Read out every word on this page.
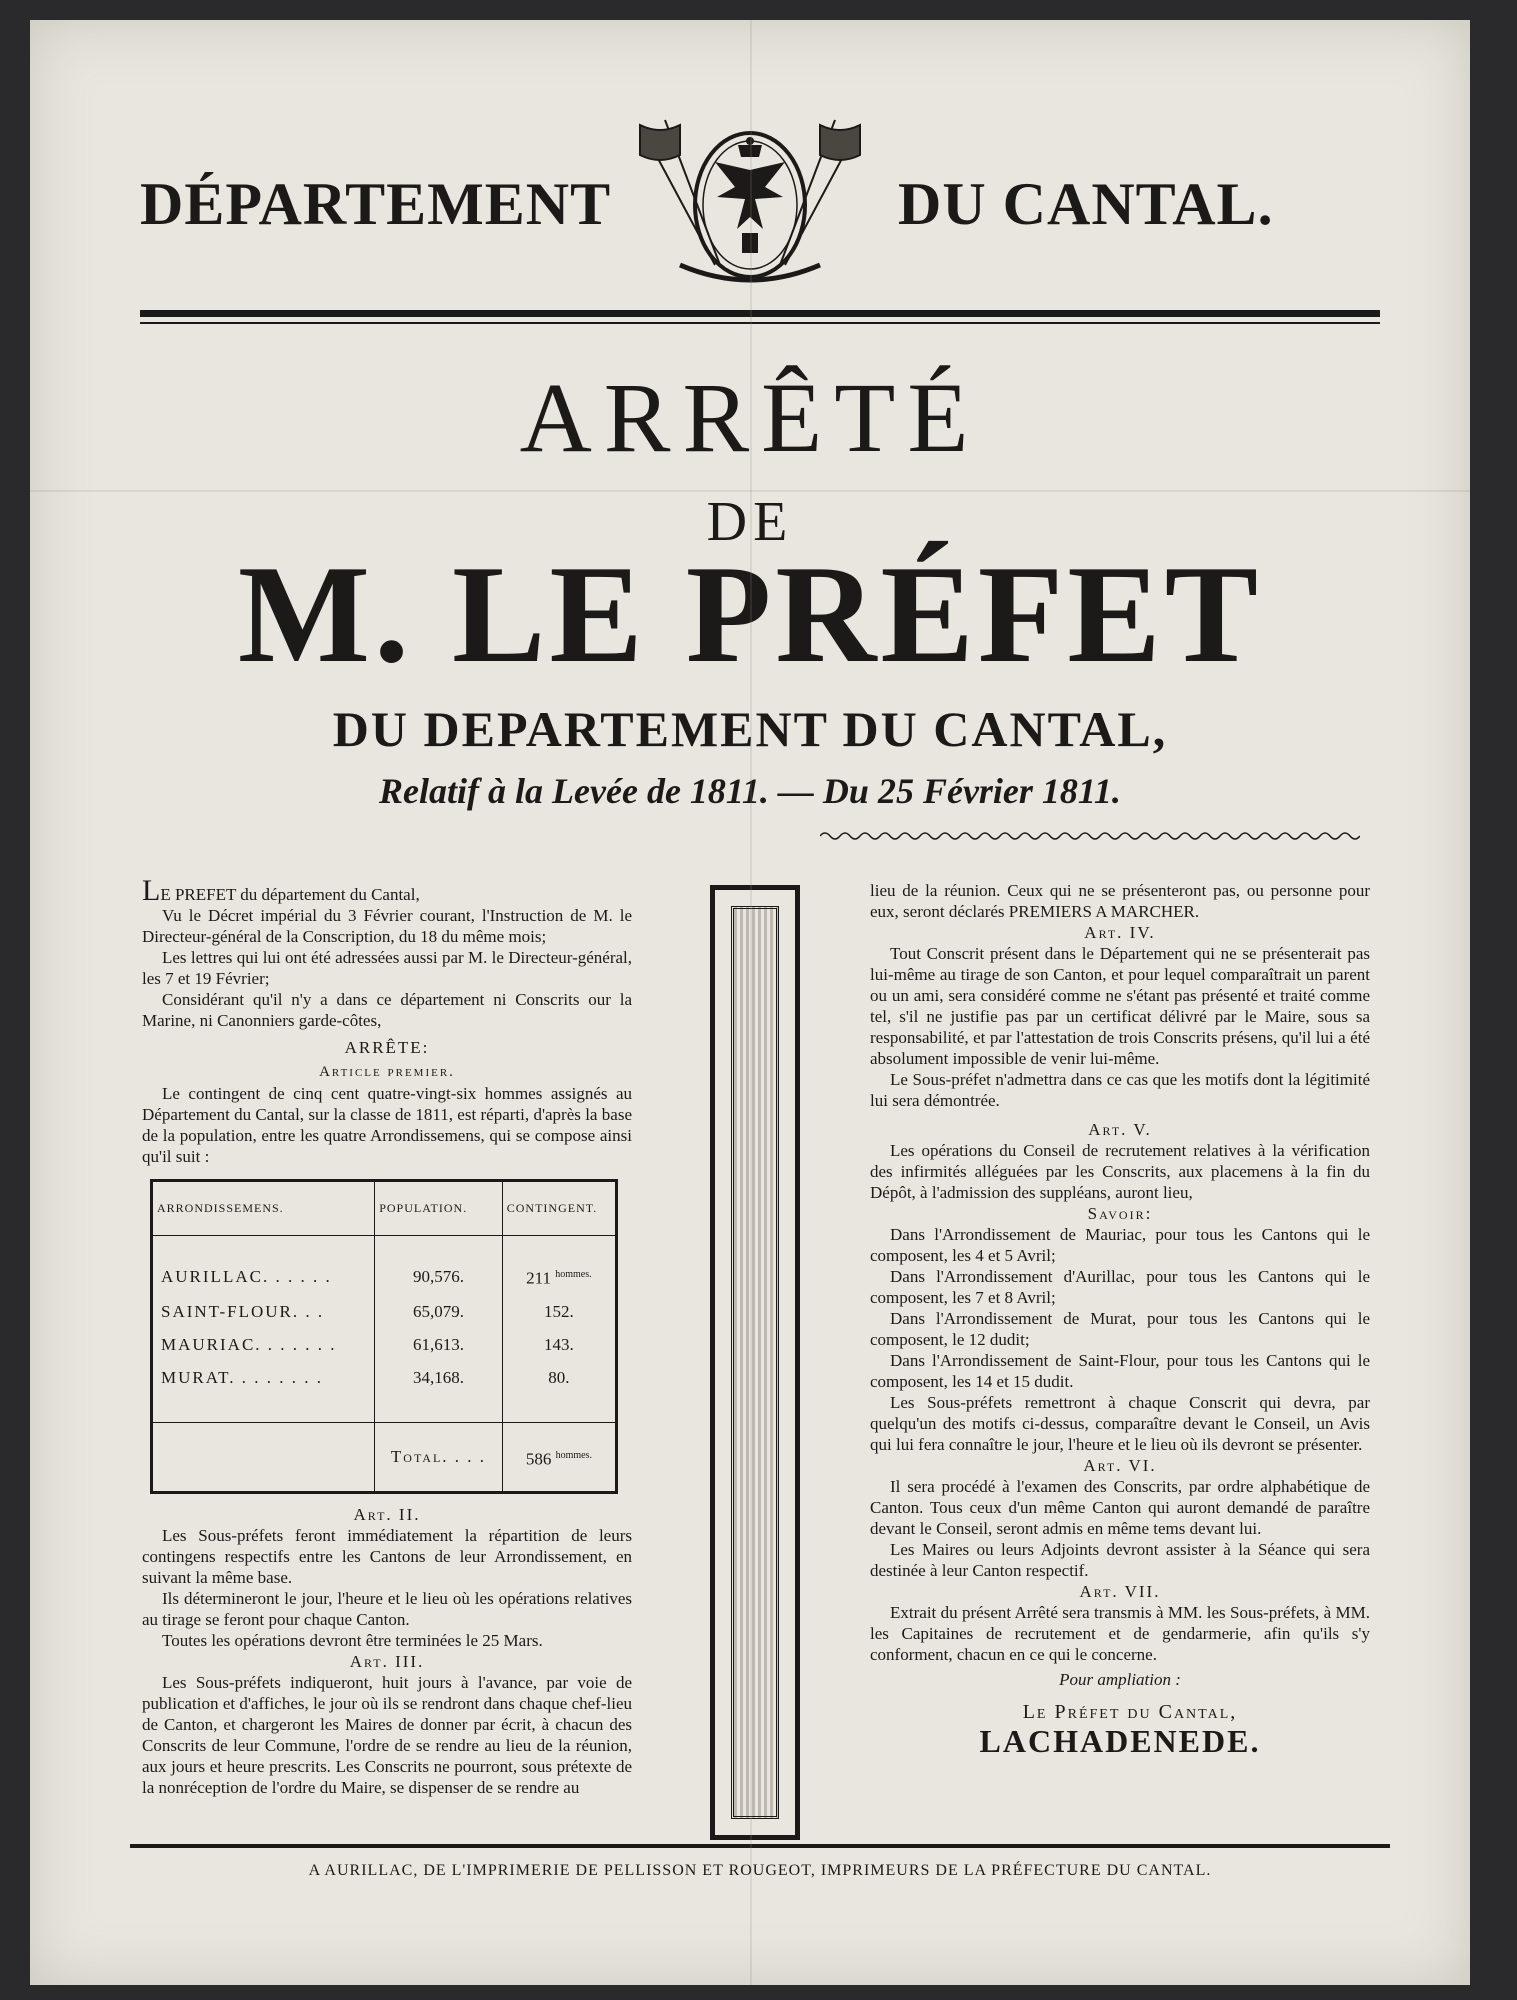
DÉPARTEMENT	DU CANTAL.
ARRÊTÉ
DE
M. LE PRÉFET
DU DEPARTEMENT DU CANTAL,
Relatif à la Levée de 1811. — Du 25 Février 1811.

LE PREFET du département du Cantal,

Vu le Décret impérial du 3 Février courant, l'Instruction de M. le Directeur-général de la Conscription, du 18 du même mois;

Les lettres qui lui ont été adressées aussi par M. le Directeur-général, les 7 et 19 Février;

Considérant qu'il n'y a dans ce département ni Conscrits our la Marine, ni Canonniers garde-côtes,

ARRÊTE:

Article premier.

Le contingent de cinq cent quatre-vingt-six hommes assignés au Département du Cantal, sur la classe de 1811, est réparti, d'après la base de la population, entre les quatre Arrondissemens, qui se compose ainsi qu'il suit :

ARRONDISSEMENS.	POPULATION.	CONTINGENT.
AURILLAC. . . . . .	90,576.	211 $^{hommes.}$
SAINT-FLOUR. . .	65,079.	152.
MAURIAC. . . . . . .	61,613.	143.
MURAT. . . . . . . .	34,168.	80.
	Total. . . .	586 $^{hommes.}$

Art. II.

Les Sous-préfets feront immédiatement la répartition de leurs contingens respectifs entre les Cantons de leur Arrondissement, en suivant la même base.

Ils détermineront le jour, l'heure et le lieu où les opérations relatives au tirage se feront pour chaque Canton.

Toutes les opérations devront être terminées le 25 Mars.

Art. III.

Les Sous-préfets indiqueront, huit jours à l'avance, par voie de publication et d'affiches, le jour où ils se rendront dans chaque chef-lieu de Canton, et chargeront les Maires de donner par écrit, à chacun des Conscrits de leur Commune, l'ordre de se rendre au lieu de la réunion, aux jours et heure prescrits. Les Conscrits ne pourront, sous prétexte de la nonréception de l'ordre du Maire, se dispenser de se rendre au

lieu de la réunion. Ceux qui ne se présenteront pas, ou personne pour eux, seront déclarés PREMIERS A MARCHER.

Art. IV.

Tout Conscrit présent dans le Département qui ne se présenterait pas lui-même au tirage de son Canton, et pour lequel comparaîtrait un parent ou un ami, sera considéré comme ne s'étant pas présenté et traité comme tel, s'il ne justifie pas par un certificat délivré par le Maire, sous sa responsabilité, et par l'attestation de trois Conscrits présens, qu'il lui a été absolument impossible de venir lui-même.

Le Sous-préfet n'admettra dans ce cas que les motifs dont la légitimité lui sera démontrée.

Art. V.

Les opérations du Conseil de recrutement relatives à la vérification des infirmités alléguées par les Conscrits, aux placemens à la fin du Dépôt, à l'admission des suppléans, auront lieu,

Savoir:

Dans l'Arrondissement de Mauriac, pour tous les Cantons qui le composent, les 4 et 5 Avril;

Dans l'Arrondissement d'Aurillac, pour tous les Cantons qui le composent, les 7 et 8 Avril;

Dans l'Arrondissement de Murat, pour tous les Cantons qui le composent, le 12 dudit;

Dans l'Arrondissement de Saint-Flour, pour tous les Cantons qui le composent, les 14 et 15 dudit.

Les Sous-préfets remettront à chaque Conscrit qui devra, par quelqu'un des motifs ci-dessus, comparaître devant le Conseil, un Avis qui lui fera connaître le jour, l'heure et le lieu où ils devront se présenter.

Art. VI.

Il sera procédé à l'examen des Conscrits, par ordre alphabétique de Canton. Tous ceux d'un même Canton qui auront demandé de paraître devant le Conseil, seront admis en même tems devant lui.

Les Maires ou leurs Adjoints devront assister à la Séance qui sera destinée à leur Canton respectif.

Art. VII.

Extrait du présent Arrêté sera transmis à MM. les Sous-préfets, à MM. les Capitaines de recrutement et de gendarmerie, afin qu'ils s'y conforment, chacun en ce qui le concerne.

Pour ampliation :

Le Préfet du Cantal,

LACHADENEDE.

A AURILLAC, DE L'IMPRIMERIE DE PELLISSON ET ROUGEOT, IMPRIMEURS DE LA PRÉFECTURE DU CANTAL.
